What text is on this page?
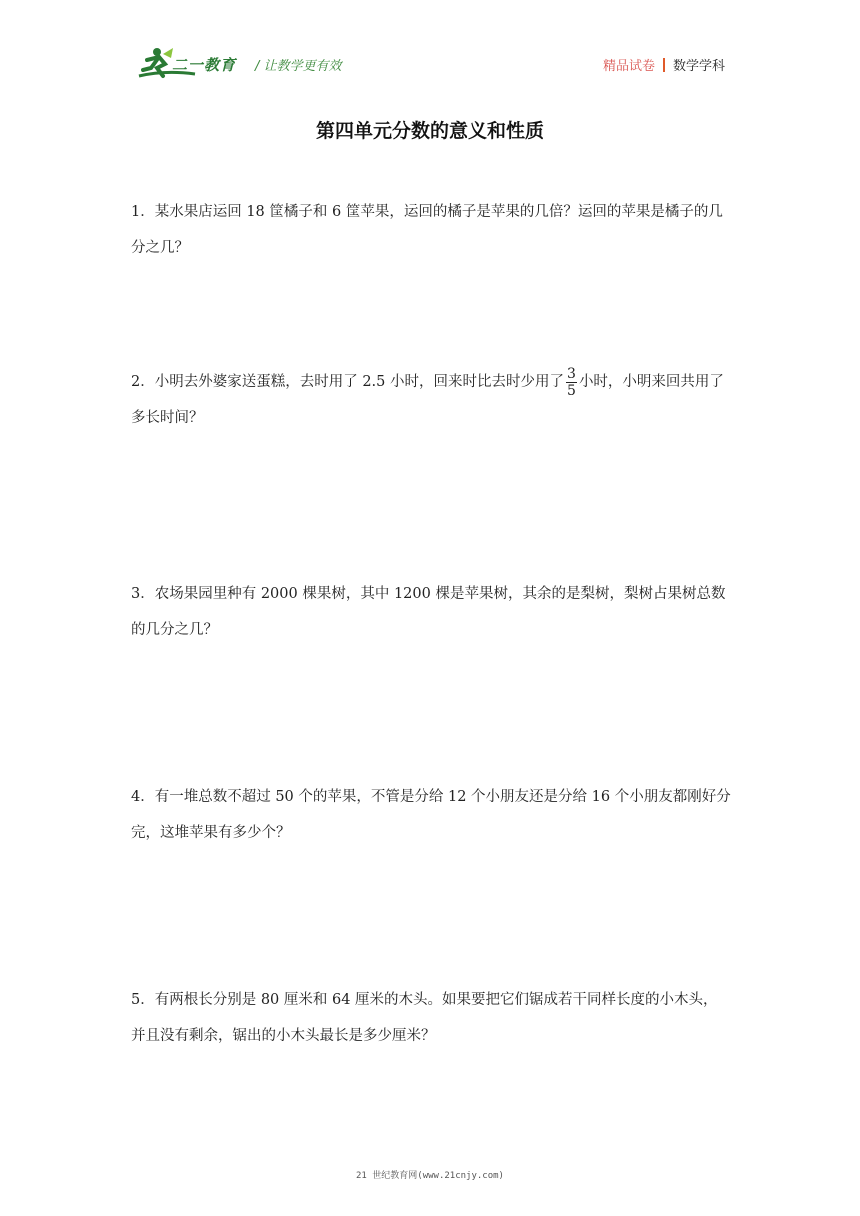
二一教育 / 让教学更有效	精品试卷 数学学科
第四单元分数的意义和性质
1．某水果店运回 18 筐橘子和 6 筐苹果，运回的橘子是苹果的几倍？运回的苹果是橘子的几分之几？
2．小明去外婆家送蛋糕，去时用了 2.5 小时，回来时比去时少用了 $\frac{3}{5}$ 小时，小明来回共用了多长时间？
3．农场果园里种有 2000 棵果树，其中 1200 棵是苹果树，其余的是梨树，梨树占果树总数的几分之几？
4．有一堆总数不超过 50 个的苹果，不管是分给 12 个小朋友还是分给 16 个小朋友都刚好分完，这堆苹果有多少个？
5．有两根长分别是 80 厘米和 64 厘米的木头。如果要把它们锯成若干同样长度的小木头，并且没有剩余，锯出的小木头最长是多少厘米？
21 世纪教育网(www.21cnjy.com)
